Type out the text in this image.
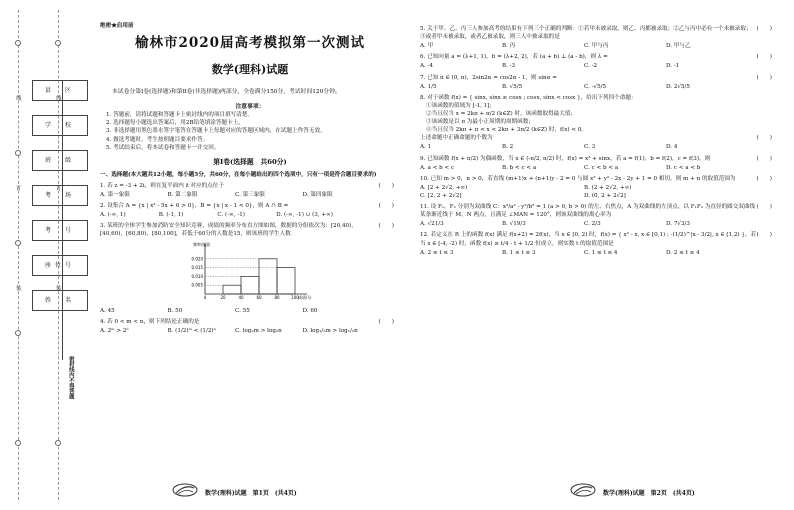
线
订
装
线
订
装
县　区
学　校
班　级
考　场
考　号
座位号
姓　名
密封线内不得答题
绝密★启用前
榆林市2020届高考模拟第一次测试
数学(理科)试题
本试卷分第Ⅰ卷(选择题)和第Ⅱ卷(非选择题)两部分，全卷满分150分，考试时间120分钟。
注意事项：
1. 答题前，请将试题和答题卡上密封线内的项目填写清楚。
2. 选择题每小题选出答案后，用2B铅笔填涂答题卡上。
3. 非选择题用黑色墨水签字笔答在答题卡上每题对应的答题区域内，在试题上作答无效。
4. 做选考题时，考生按照题目要求作答。
5. 考试结束后，将本试卷和答题卡一并交回。
第Ⅰ卷(选择题　共60分)
一、选择题(本大题共12小题，每小题5分，共60分，在每小题给出的四个选项中，只有一项是符合题目要求的)
(　　)
1. 若 z = -3 + 2i，则在复平面内 z̄ 对应的点位于
A. 第一象限	B. 第二象限	C. 第三象限	D. 第四象限
(　　)
2. 设集合 A = {x | x² - 5x + 6 > 0}，B = {x | x - 1 < 0}，则 A ∩ B =
A. (-∞, 1)	B. (-1, 1)	C. (-∞, -1)	D. (-∞, -1) ∪ (3, +∞)
(　　)
3. 某班的全体学生参加消防安全知识竞赛，成绩的频率分布直方图如图，数据的分组依次为：[20,40)，[40,60)，[60,80)，[80,100]，若低于60分的人数是15，则该班的学生人数
0.020
0.015
0.010
0.005
0	20	40	60	80	100
频率/组距
成绩/分
A. 45	B. 50	C. 55	D. 60
(　　)
4. 若 0 < m < n，则下列结论正确的是
A. 2ᵐ > 2ⁿ	B. (1/2)ᵐ < (1/2)ⁿ	C. log₂m > log₂n	D. log₁/₂m > log₁/₂n
(　　)
5. 关于甲、乙、丙三人参加高考的结果有下列三个正确的判断：①若甲未被录取，则乙、丙都被录取；②乙与丙中必有一个未被录取；③或者甲未被录取，或者乙被录取，则三人中被录取的是
A. 甲	B. 丙	C. 甲与丙	D. 甲与乙
(　　)
6. 已知向量 a = (λ+1, 1)，b = (λ+2, 2)，若 (a + b) ⊥ (a - b)，则 λ =
A. -4	B. -3	C. -2	D. -1
(　　)
7. 已知 α ∈ (0, π)，2sin2α = cos2α - 1，则 sinα =
A. 1/5	B. √5/5	C. -√5/5	D. 2√5/5
8. 对于函数 f(x) = { sinx, sinx ≥ cosx ; cosx, sinx < cosx }，给出下列四个命题：
①该函数的值域为 [-1, 1]；
②当且仅当 x = 2kπ + π/2 (k∈Z) 时，该函数取得最大值；
③该函数是以 π 为最小正周期的周期函数；
④当且仅当 2kπ + π < x < 2kπ + 3π/2 (k∈Z) 时，f(x) < 0。
(　　)
上述命题中正确命题的个数为
A. 1	B. 2	C. 3	D. 4
(　　)
9. 已知函数 f(x + π/2) 为偶函数，当 x ∈ (-π/2, π/2) 时，f(x) = x³ + sinx，若 a = f(1)，b = f(2)，c = f(3)，则
A. a < b < c	B. b < c < a	C. c < b < a	D. c < a < b
(　　)
10. 已知 m > 0，n > 0，若直线 (m+1)x + (n+1)y - 2 = 0 与圆 x² + y² - 2x - 2y + 1 = 0 相切，则 m + n 的取值范围为
A. [2 + 2√2, +∞)	B. (2 + 2√2, +∞)
C. [2, 2 + 2√2]	D. (0, 2 + 2√2]
(　　)
11. 设 F₁，F₂ 分别为双曲线 C：x²/a² - y²/b² = 1 (a > 0, b > 0) 的左、右焦点，A 为双曲线的左顶点，以 F₁F₂ 为直径的圆交双曲线某条渐近线于 M，N 两点，且满足 ∠MAN = 120°，则该双曲线的离心率为
A. √21/3	B. √19/3	C. 2/3	D. 7√3/3
(　　)
12. 若定义在 R 上的函数 f(x) 满足 f(x+2) = 2f(x)，当 x ∈ [0, 2) 时，f(x) = { x² - x, x ∈ [0,1) ; -(1/2)^|x - 3/2|, x ∈ [1,2) }，若当 x ∈ [-4, -2) 时，函数 f(x) ≥ t/4 - t + 1/2 恒成立，则实数 t 的取值范围是
A. 2 ≤ t ≤ 3	B. 1 ≤ t ≤ 3	C. 1 ≤ t ≤ 4	D. 2 ≤ t ≤ 4
数学(理科)试题　第1页　(共4页)	数学(理科)试题　第2页　(共4页)
